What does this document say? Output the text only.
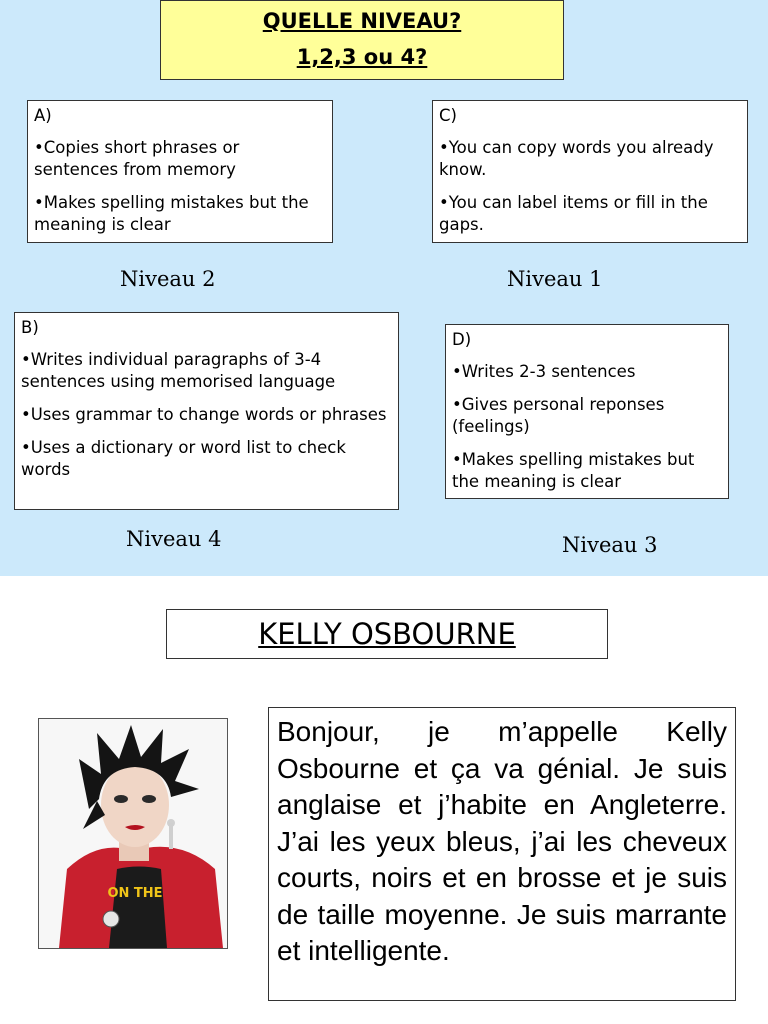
QUELLE NIVEAU?
1,2,3 ou 4?
A)
•Copies short phrases or sentences from memory
•Makes spelling mistakes but the meaning is clear
C)
•You can copy words you already know.
•You can label items or fill in the gaps.
Niveau 2	Niveau 1
B)
•Writes individual paragraphs of 3-4 sentences using memorised language
•Uses grammar to change words or phrases
•Uses a dictionary or word list to check words
D)
•Writes 2-3 sentences
•Gives personal reponses (feelings)
•Makes spelling mistakes but the meaning is clear
Niveau 4	Niveau 3
KELLY OSBOURNE
ON THE
Bonjour, je m’appelle Kelly Osbourne et ça va génial. Je suis anglaise et j’habite en Angleterre. J’ai les yeux bleus, j’ai les cheveux courts, noirs et en brosse et je suis de taille moyenne. Je suis marrante et intelligente.
